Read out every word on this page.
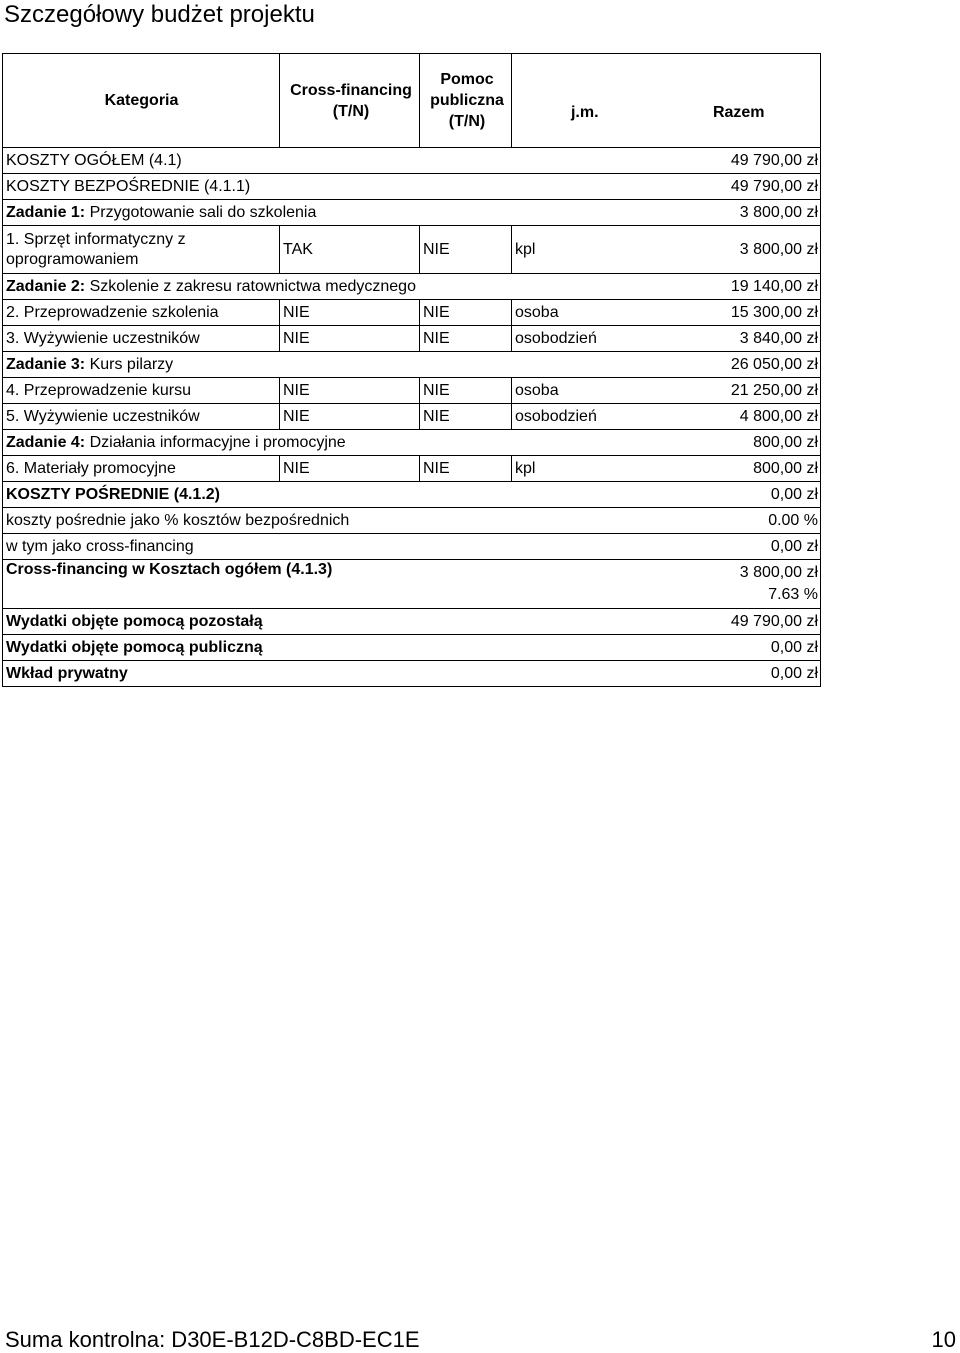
Szczegółowy budżet projektu
Kategoria	Cross-financing (T/N)	Pomoc publiczna (T/N)	j.m.	Razem
KOSZTY OGÓŁEM (4.1)				49 790,00 zł
KOSZTY BEZPOŚREDNIE (4.1.1)				49 790,00 zł
Zadanie 1: Przygotowanie sali do szkolenia				3 800,00 zł
1. Sprzęt informatyczny z oprogramowaniem	TAK	NIE	kpl	3 800,00 zł
Zadanie 2: Szkolenie z zakresu ratownictwa medycznego				19 140,00 zł
2. Przeprowadzenie szkolenia	NIE	NIE	osoba	15 300,00 zł
3. Wyżywienie uczestników	NIE	NIE	osobodzień	3 840,00 zł
Zadanie 3: Kurs pilarzy				26 050,00 zł
4. Przeprowadzenie kursu	NIE	NIE	osoba	21 250,00 zł
5. Wyżywienie uczestników	NIE	NIE	osobodzień	4 800,00 zł
Zadanie 4: Działania informacyjne i promocyjne				800,00 zł
6. Materiały promocyjne	NIE	NIE	kpl	800,00 zł
KOSZTY POŚREDNIE (4.1.2)				0,00 zł
koszty pośrednie jako % kosztów bezpośrednich				0.00 %
w tym jako cross-financing				0,00 zł
Cross-financing w Kosztach ogółem (4.1.3)				3 800,00 zł
7.63 %
Wydatki objęte pomocą pozostałą				49 790,00 zł
Wydatki objęte pomocą publiczną				0,00 zł
Wkład prywatny				0,00 zł
Suma kontrolna: D30E-B12D-C8BD-EC1E	10
